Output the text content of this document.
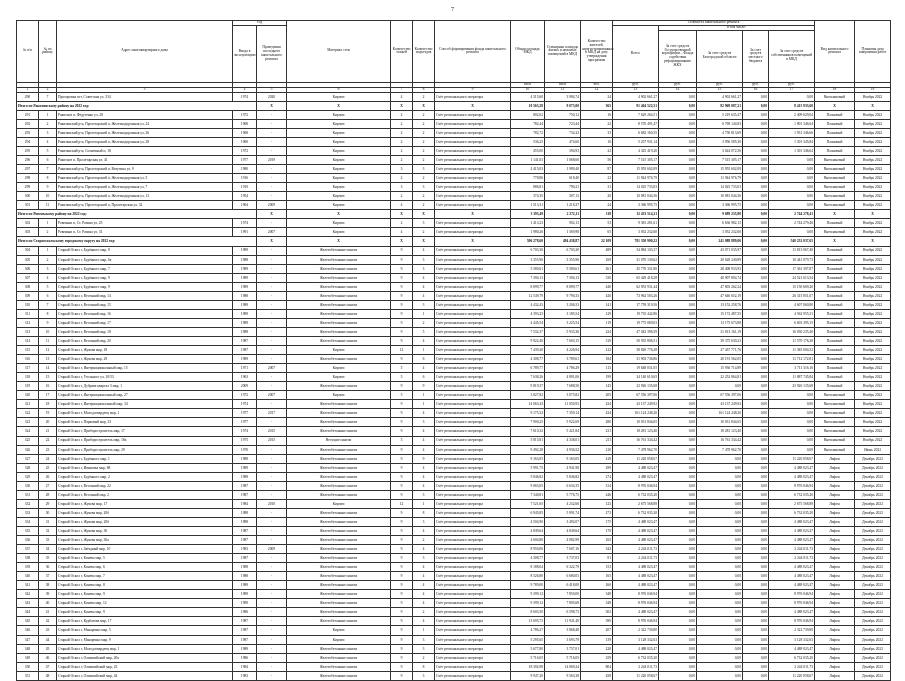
7
№ п/п	№ по району	Адрес многоквартирного дома	Год		Материал стен	Количество этажей	Количество подъездов	Способ формирования фонда капитального ремонта	Общая площадь МКД	Суммарная площадь жилых и нежилых помещений в МКД	Количество жителей, зарегистрированных в МКД на дату утверждения программы	Стоимость капитального ремонта					Вид капитального ремонта	Плановая дата завершения работ
			Ввода в эксплуатацию	Проведения последнего капитального ремонта								Всего:	в том числе:					
													За счет средств Государственной корпорации – Фонда содействия реформированию ЖКХ	За счет средств Белгородской области	За счет средств местного бюджета	За счет средств собственников помещений в МКД		
									кв.м	кв.м	чел.	руб.	руб.	руб.	руб.	руб.		
1	2	3	4	5	6	7	8	9	10	11	12	13	14	15	16	17	18	19
290	7	Прохоровка пгт, Советская ул, 334	1974	2020	Кирпич	4	2	Счёт регионального оператора	4 315,60	3 984,74	24	4 902 661,27	0,00	4 902 661,27	0,00	0,00	Внеплановый	Ноябрь 2022
Итого по Ракитянскому району на 2022 год:				X	X	X	X	X	10 563,28	9 073,00	365	91 464 522,51	0,00	82 969 087,21	0,00	8 415 933,60	X	X
291	1	Ракитное п, Федутенко ул, 28	1972	-	Кирпич	2	2	Счёт регионального оператора	802,02	750,12	16	7 629 264,51	0,00	5 219 635,47	0,00	2 409 629,04	Плановый	Ноябрь 2022
292	2	Ракитянский р-н, Пролетарский п, Железнодорожная ул, 24	1968	-	Кирпич	2	2	Счёт регионального оператора	782,44	723,44	22	8 570 491,47	0,00	6 769 144,83	0,00	1 801 346,64	Плановый	Ноябрь 2022
293	3	Ракитянский р-н, Пролетарский п, Железнодорожная ул, 26	1968	-	Кирпич	2	2	Счёт регионального оператора	782,72	734,32	33	6 682 160,35	0,00	4 750 813,69	0,00	1 931 346,66	Плановый	Ноябрь 2022
294	4	Ракитянский р-н, Пролетарский п, Железнодорожная ул, 28	1960	-	Кирпич	2	2	Счёт регионального оператора	536,25	474,60	16	5 257 931,14	0,00	3 956 585,30	0,00	1 301 345,84	Плановый	Ноябрь 2022
295	5	Ракитянский р-н, Солнечный п, 18	1972	-	Кирпич	2	2	Счёт регионального оператора	455,00	394,93	22	4 325 419,20	0,00	3 024 072,56	0,00	1 301 346,64	Плановый	Ноябрь 2022
296	6	Ракитное п, Пролетарская ул, 41	1977	2019	Кирпич	2	2	Счёт регионального оператора	1 141,03	1 068,60	56	7 515 305,17	0,00	7 515 305,17	0,00	0,00	Внеплановый	Ноябрь 2022
297	7	Ракитянский р-н, Пролетарский п, Ватутина ул, 9	1980	-	Кирпич	3	3	Счёт регионального оператора	2 415,03	1 989,40	87	15 955 602,09	0,00	15 955 602,09	0,00	0,00	Внеплановый	Ноябрь 2022
298	8	Ракитянский р-н, Пролетарский п, Железнодорожная ул, 5	1916	-	Кирпич	2	2	Счёт регионального оператора	778,86	618,40	22	11 944 976,79	0,00	11 944 976,79	0,00	0,00	Внеплановый	Ноябрь 2022
299	9	Ракитянский р-н, Пролетарский п, Железнодорожная ул, 7	1910	-	Кирпич	3	3	Счёт регионального оператора	886,81	790,21	31	14 025 733,03	0,00	14 025 733,03	0,00	0,00	Внеплановый	Ноябрь 2022
300	10	Ракитянский р-н, Пролетарский п, Железнодорожная ул, 12	1954	-	Кирпич	2	2	Счёт регионального оператора	374,35	307,13	20	10 081 044,36	0,00	10 081 044,36	0,00	0,00	Внеплановый	Ноябрь 2022
301	11	Ракитянский р-н, Пролетарский п, Пролетарская ул, 32	1964	2009	Кирпич	4	2	Счёт регионального оператора	1 513,31	1 218,27	24	3 366 995,75	0,00	3 366 995,75	0,00	0,00	Внеплановый	Ноябрь 2022
Итого по Ровеньскому району на 2022 год:				X	X	X	X	X	3 393,49	2 272,11	118	12 433 514,21	0,00	9 689 235,80	0,00	2 744 278,41	X	X
302	1	Ровеньки п, Ст. Разина ул, 25	1974	-	Кирпич	2	3	Счёт регионального оператора	1 413,23	902,13	53	9 381 281,61	0,00	6 636 982,15	0,00	2 744 279,46	Плановый	Ноябрь 2022
303	2	Ровеньки п, Ст. Разина ул, 31	1991	2007	Кирпич	4	2	Счёт регионального оператора	1 980,26	1 369,98	65	3 052 232,60	0,00	3 052 232,60	0,00	0,00	Внеплановый	Ноябрь 2022
Итого по Старооскольскому городскому округу на 2022 год:				X	X	X	X	X	596 278,60	494 438,87	22 109	781 350 900,22	0,00	241 088 889,06	0,00	540 252 037,65	X	X
304	1	Старый Оскол г, Будённого мкр, 8	1989	-	Железобетонные панели	9	4	Счёт регионального оператора	6 703,30	6 703,30	489	34 884 103,37	0,00	43 071 035,97	0,00	11 813 067,40	Плановый	Ноябрь 2022
305	2	Старый Оскол г, Будённого мкр, 6а	1988	-	Железобетонные панели	9	3	Счёт регионального оператора	3 355,96	3 355,96	169	31 070 130,62	0,00	20 628 240,89	0,00	10 441 879,73	Плановый	Ноябрь 2022
306	3	Старый Оскол г, Будённого мкр, 7	1989	-	Железобетонные панели	9	3	Счёт регионального оператора	5 580,61	5 580,61	261	45 770 331,80	0,00	28 408 933,93	0,00	17 361 397,87	Плановый	Ноябрь 2022
307	4	Старый Оскол г, Будённого мкр, 9	1989	-	Железобетонные панели	9	4	Счёт регионального оператора	7 394,13	7 394,13	330	65 429 418,28	0,00	40 907 804,74	0,00	24 521 613,54	Плановый	Ноябрь 2022
308	5	Старый Оскол г, Будённого мкр, 9	1989	-	Железобетонные панели	9	4	Счёт регионального оператора	8 899,77	8 899,77	440	62 953 931,44	0,00	47 803 262,24	0,00	15 150 669,20	Плановый	Ноябрь 2022
309	6	Старый Оскол г, Весенний мкр, 14	1988	-	Железобетонные панели	9	4	Счёт регионального оператора	12 549,79	9 790,33	420	73 962 503,26	0,00	47 646 652,19	0,00	26 315 851,07	Плановый	Ноябрь 2022
310	7	Старый Оскол г, Весенний мкр, 15	1989	-	Железобетонные панели	9	3	Счёт регионального оператора	4 432,43	3 206,53	141	17 759 319,56	0,00	13 152 258,76	0,00	4 607 060,80	Плановый	Ноябрь 2022
311	8	Старый Оскол г, Весенний мкр, 16	1989	-	Железобетонные панели	9	1	Счёт регионального оператора	4 393,23	3 185,54	129	19 735 442,86	0,00	15 172 487,55	0,00	4 562 955,31	Плановый	Ноябрь 2022
312	9	Старый Оскол г, Весенний мкр, 17	1989	-	Железобетонные панели	9	2	Счёт регионального оператора	4 445,54	3 225,54	119	19 775 069,03	0,00	13 175 673,88	0,00	6 603 395,15	Плановый	Ноябрь 2022
313	10	Старый Оскол г, Весенний мкр, 18	1988	-	Железобетонные панели	9	5	Счёт регионального оператора	7 532,37	5 933,36	224	47 043 396,59	0,00	31 013 161,19	0,00	16 030 235,40	Плановый	Ноябрь 2022
314	11	Старый Оскол г, Весенний мкр, 20	1987	-	Железобетонные панели	9	4	Счёт регионального оператора	9 922,40	7 603,15	310	50 935 806,51	0,00	39 375 630,23	0,00	11 570 176,28	Плановый	Ноябрь 2022
315	12	Старый Оскол г, Жукова мкр, 18	1987	-	Кирпич	12	1	Счёт регионального оператора	7 439,20	4 226,94	122	38 820 776,28	0,00	27 437 771,76	0,00	11 383 004,52	Плановый	Ноябрь 2022
316	13	Старый Оскол г, Жукова мкр, 29	1989	-	Железобетонные панели	9	6	Счёт регионального оператора	4 308,77	3 789,61	184	31 903 736,86	0,00	20 191 562,05	0,00	11 712 172,81	Плановый	Ноябрь 2022
317	14	Старый Оскол г, Интернациональный мкр, 15	1971	2007	Кирпич	5	4	Счёт регионального оператора	6 789,77	4 786,29	113	19 648 031,05	0,00	15 936 714,89	0,00	3 711 316,16	Плановый	Ноябрь 2022
318	15	Старый Оскол г, Угольного ул, 10/53	1963	-	Кирпич	5	6	Счёт регионального оператора	7 638,26	4 891,06	199	34 140 610,65	0,00	22 252 864,81	0,00	11 887 745,84	Плановый	Ноябрь 2022
319	16	Старый Оскол г, Дубрава квартал 3 мкр, 1	2009	-	Железобетонные панели	9	9	Счёт регионального оператора	9 819,37	7 688,50	145	23 926 135,68	0,00	0,00	0,00	23 926 135,68	Плановый	Ноябрь 2022
320	17	Старый Оскол г, Интернациональный мкр, 27	1972	2007	Кирпич	5	1	Счёт регионального оператора	3 827,82	3 075,82	205	67 556 397,06	0,00	67 556 397,06	0,00	0,00	Внеплановый	Ноябрь 2022
321	18	Старый Оскол г, Интернациональный мкр, 34	1974	-	Железобетонные панели	9	1	Счёт регионального оператора	14 063,43	11 050,93	434	43 137 249,92	0,00	43 137 249,92	0,00	0,00	Внеплановый	Ноябрь 2022
322	19	Старый Оскол г, Молодогвардеец мкр, 1	1977	2017	Железобетонные панели	9	4	Счёт регионального оператора	9 175,32	7 359,14	434	161 124 248,20	0,00	161 124 248,20	0,00	0,00	Внеплановый	Ноябрь 2022
323	20	Старый Оскол г, Парковый мкр, 33	1977	-	Железобетонные панели	9	3	Счёт регионального оператора	7 900,25	5 922,69	280	10 031 844,65	0,00	10 031 844,65	0,00	0,00	Внеплановый	Ноябрь 2022
324	21	Старый Оскол г, Приборостроитель мкр, 17	1974	2015	Железобетонные панели	9	4	Счёт регионального оператора	7 610,32	5 421,84	231	18 281 123,40	0,00	18 281 123,40	0,00	0,00	Внеплановый	Ноябрь 2022
325	22	Старый Оскол г, Приборостроитель мкр, 18а	1975	2015	Несущие панели	5	4	Счёт регионального оператора	5 815,81	4 338,01	211	16 761 334,42	0,00	16 761 334,42	0,00	0,00	Внеплановый	Ноябрь 2022
326	23	Старый Оскол г, Приборостроитель мкр, 29	1970	-	Железобетонные панели	9	4	Счёт регионального оператора	9 492,28	4 936,52	210	7 478 962,70	0,00	7 478 962,70	0,00	0,00	Внеплановый	Июнь 2022
327	24	Старый Оскол г, Будённого мкр, 1	1988	-	Железобетонные панели	9	9	Счёт регионального оператора	9 163,05	9 163,05	418	11 220 058,67	0,00	0,00	0,00	11 220 058,67	Лифты	Декабрь 2022
328	25	Старый Оскол г, Ивановка мкр, 68	1989	-	Железобетонные панели	9	4	Счёт регионального оператора	5 991,75	4 941,98	299	4 488 023,47	0,00	0,00	0,00	4 488 023,47	Лифты	Декабрь 2022
329	26	Старый Оскол г, Будённого мкр, 2	1988	-	Железобетонные панели	9	4	Счёт регионального оператора	5 846,82	5 846,82	274	4 488 023,47	0,00	0,00	0,00	4 488 023,47	Лифты	Декабрь 2022
330	27	Старый Оскол г, Весенний мкр, 22	1987	-	Железобетонные панели	9	4	Счёт регионального оператора	9 065,05	6 634,35	314	8 976 046,94	0,00	0,00	0,00	8 976 046,94	Лифты	Декабрь 2022
331	28	Старый Оскол г, Весенний мкр, 2	1987	-	Железобетонные панели	9	3	Счёт регионального оператора	7 340,81	5 776,75	246	6 732 035,20	0,00	0,00	0,00	6 732 035,20	Лифты	Декабрь 2022
332	29	Старый Оскол г, Жукова мкр, 17	1984	2010	Кирпич	12	1	Счёт регионального оператора	7 521,65	4 232,60	123	2 675 568,88	0,00	0,00	0,00	2 675 568,88	Лифты	Декабрь 2022
333	30	Старый Оскол г, Жукова мкр, 20б	1988	-	Железобетонные панели	9	8	Счёт регионального оператора	6 945,85	5 991,74	273	6 732 035,20	0,00	0,00	0,00	6 732 035,20	Лифты	Декабрь 2022
334	31	Старый Оскол г, Жукова мкр, 20б	1988	-	Железобетонные панели	9	3	Счёт регионального оператора	4 504,90	3 492,07	175	4 488 023,47	0,00	0,00	0,00	4 488 023,47	Лифты	Декабрь 2022
335	32	Старый Оскол г, Жукова мкр, 30	1987	-	Железобетонные панели	9	4	Счёт регионального оператора	4 849,64	4 849,64	170	4 488 023,47	0,00	0,00	0,00	4 488 023,47	Лифты	Декабрь 2022
336	33	Старый Оскол г, Жукова мкр, 30а	1987	-	Железобетонные панели	9	2	Счёт регионального оператора	4 604,80	4 082,99	165	4 488 023,47	0,00	0,00	0,00	4 488 023,47	Лифты	Декабрь 2022
337	34	Старый Оскол г, Звёздный мкр, 10	1983	2009	Железобетонные панели	9	4	Счёт регионального оператора	8 950,06	7 607,16	342	2 244 011,73	0,00	0,00	0,00	2 244 011,73	Лифты	Декабрь 2022
338	35	Старый Оскол г, Конева мкр, 5	1987	-	Железобетонные панели	9	3	Счёт регионального оператора	4 308,77	3 737,03	81	2 244 011,73	0,00	0,00	0,00	2 244 011,73	Лифты	Декабрь 2022
339	36	Старый Оскол г, Конева мкр, 6	1988	-	Железобетонные панели	9	4	Счёт регионального оператора	8 188,04	6 322,79	153	4 488 023,47	0,00	0,00	0,00	4 488 023,47	Лифты	Декабрь 2022
340	37	Старый Оскол г, Конева мкр, 7	1988	-	Железобетонные панели	9	4	Счёт регионального оператора	8 526,80	6 680,03	165	4 488 023,47	0,00	0,00	0,00	4 488 023,47	Лифты	Декабрь 2022
341	38	Старый Оскол г, Конева мкр, 8	1989	-	Железобетонные панели	9	4	Счёт регионального оператора	9 789,00	6 418,00	260	4 488 023,47	0,00	0,00	0,00	4 488 023,47	Лифты	Декабрь 2022
342	39	Старый Оскол г, Конева мкр, 9	1989	-	Железобетонные панели	9	4	Счёт регионального оператора	9 399,12	7 850,00	348	8 976 046,94	0,00	0,00	0,00	8 976 046,94	Лифты	Декабрь 2022
343	40	Старый Оскол г, Конева мкр, 12	1990	-	Железобетонные панели	9	4	Счёт регионального оператора	9 399,12	7 805,68	348	8 976 046,94	0,00	0,00	0,00	8 976 046,94	Лифты	Декабрь 2022
344	41	Старый Оскол г, Конева мкр, 9	1986	-	Железобетонные панели	9	2	Счёт регионального оператора	8 603,50	6 598,73	302	4 488 023,47	0,00	0,00	0,00	4 488 023,47	Лифты	Декабрь 2022
345	42	Старый Оскол г, Курбатова мкр, 17	1987	-	Железобетонные панели	9	4	Счёт регионального оператора	13 695,73	11 941,40	390	8 976 046,94	0,00	0,00	0,00	8 976 046,94	Лифты	Декабрь 2022
346	43	Старый Оскол г, Макаренко мкр, 5	1987	-	Кирпич	9	1	Счёт регионального оператора	4 786,27	3 868,48	207	2 322 739,80	0,00	0,00	0,00	2 322 739,80	Лифты	Декабрь 2022
347	44	Старый Оскол г, Макаренко мкр, 9	1987	-	Кирпич	9	3	Счёт регионального оператора	5 295,65	3 693,79	139	3 128 332,63	0,00	0,00	0,00	3 128 332,63	Лифты	Декабрь 2022
348	45	Старый Оскол г, Молодогвардеец мкр, 1	1989	-	Железобетонные панели	9	3	Счёт регионального оператора	5 677,80	3 757,01	220	4 488 023,47	0,00	0,00	0,00	4 488 023,47	Лифты	Декабрь 2022
349	46	Старый Оскол г, Олимпийский мкр, 20а	1986	-	Железобетонные панели	9	2	Счёт регионального оператора	5 716,05	5 716,05	259	6 732 035,20	0,00	0,00	0,00	6 732 035,20	Лифты	Декабрь 2022
350	47	Старый Оскол г, Олимпийский мкр, 23	1984	-	Железобетонные панели	9	8	Счёт регионального оператора	18 392,98	14 069,24	804	2 244 011,73	0,00	0,00	0,00	2 244 011,73	Лифты	Декабрь 2022
351	48	Старый Оскол г, Олимпийский мкр, 44	1983	-	Железобетонные панели	9	3	Счёт регионального оператора	9 947,20	9 563,38	458	11 220 058,67	0,00	0,00	0,00	11 220 058,67	Лифты	Декабрь 2022
